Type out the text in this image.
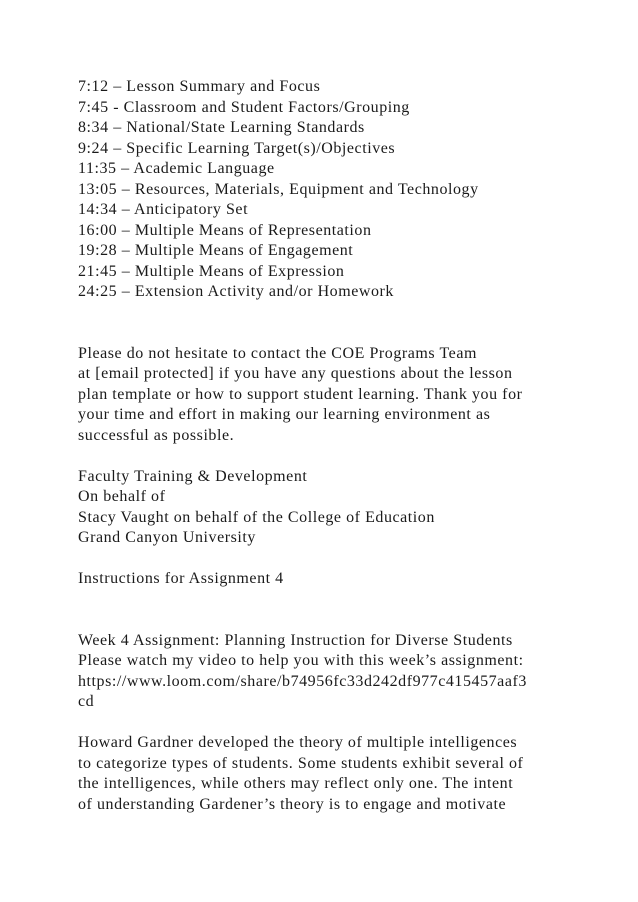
7:12 – Lesson Summary and Focus
7:45 - Classroom and Student Factors/Grouping
8:34 – National/State Learning Standards
9:24 – Specific Learning Target(s)/Objectives
11:35 – Academic Language
13:05 – Resources, Materials, Equipment and Technology
14:34 – Anticipatory Set
16:00 – Multiple Means of Representation
19:28 – Multiple Means of Engagement
21:45 – Multiple Means of Expression
24:25 – Extension Activity and/or Homework
Please do not hesitate to contact the COE Programs Team
at [email protected] if you have any questions about the lesson
plan template or how to support student learning. Thank you for
your time and effort in making our learning environment as
successful as possible.
Faculty Training & Development
On behalf of
Stacy Vaught on behalf of the College of Education
Grand Canyon University
Instructions for Assignment 4
Week 4 Assignment: Planning Instruction for Diverse Students
Please watch my video to help you with this week’s assignment:
https://www.loom.com/share/b74956fc33d242df977c415457aaf3
cd
Howard Gardner developed the theory of multiple intelligences
to categorize types of students. Some students exhibit several of
the intelligences, while others may reflect only one. The intent
of understanding Gardener’s theory is to engage and motivate
